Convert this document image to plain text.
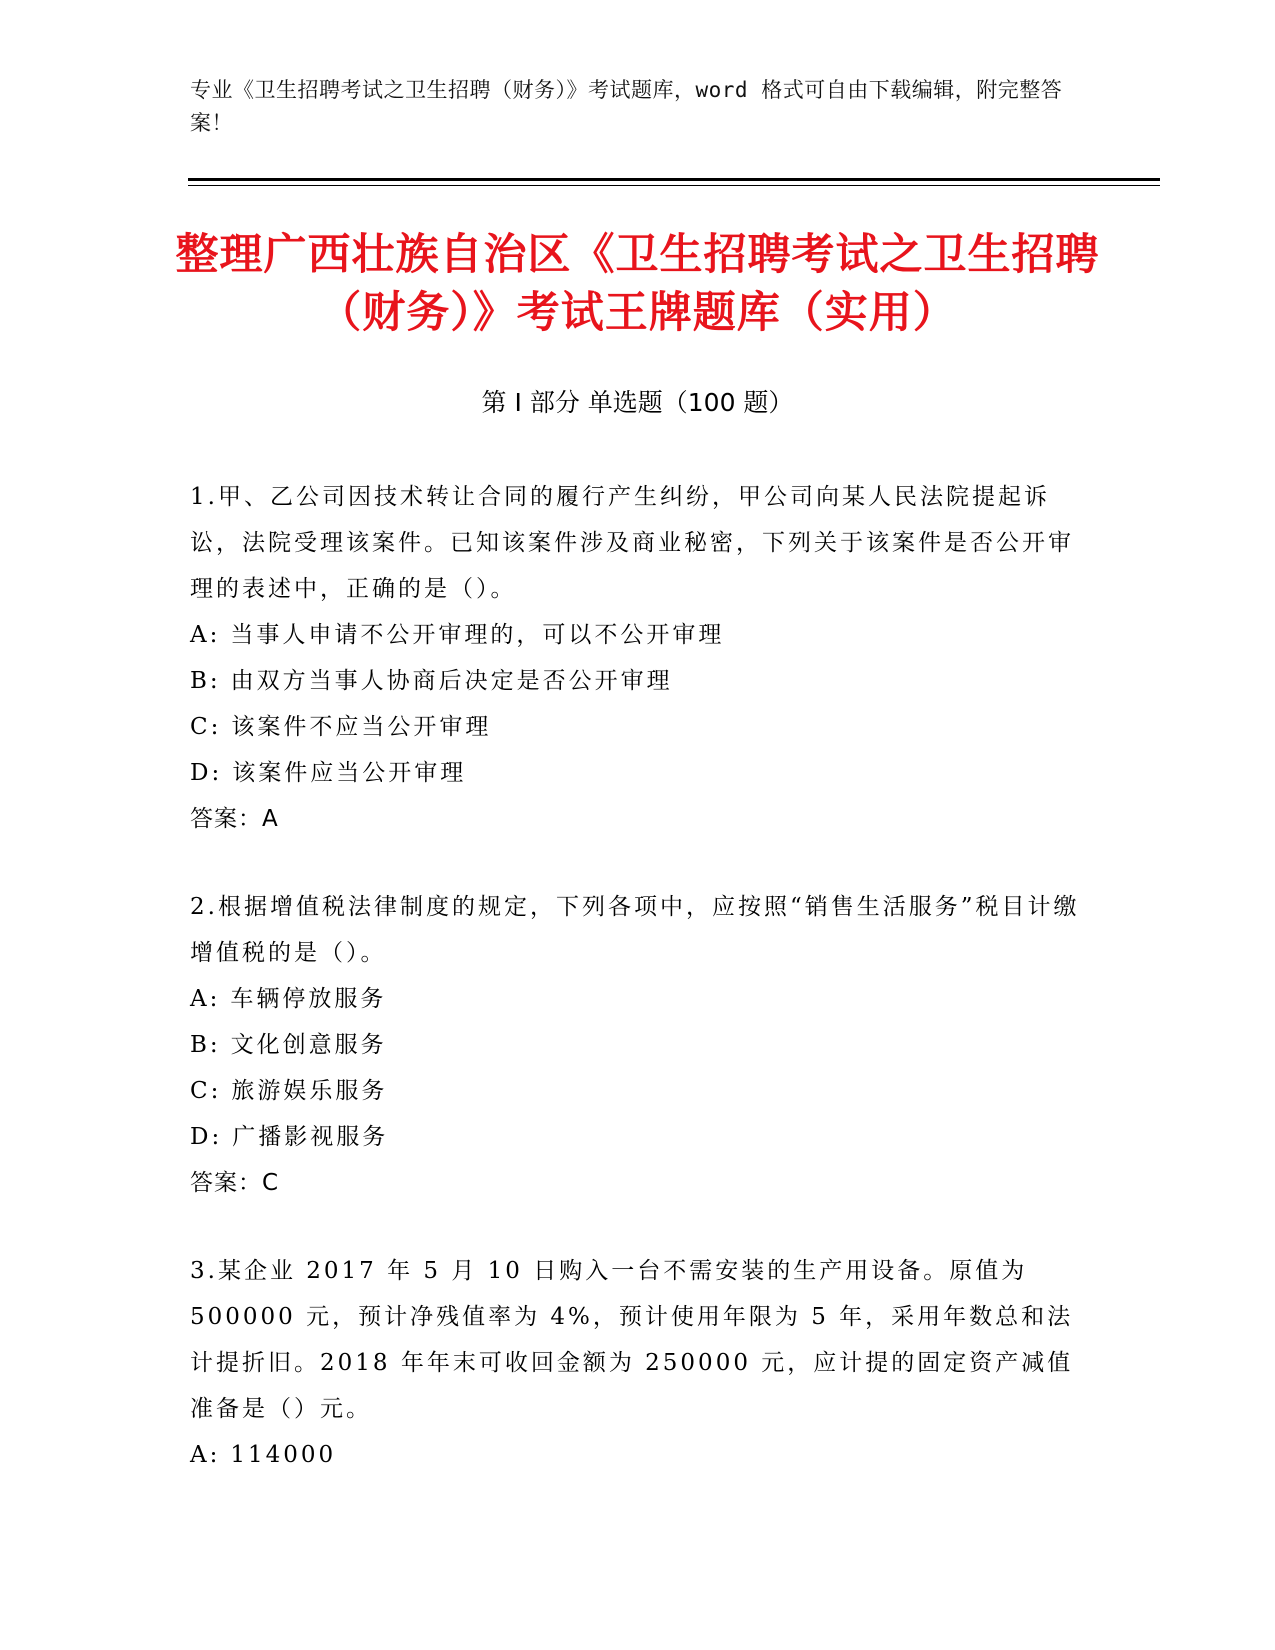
专业《卫生招聘考试之卫生招聘（财务）》考试题库，word 格式可自由下载编辑，附完整答案！
整理广西壮族自治区《卫生招聘考试之卫生招聘（财务）》考试王牌题库（实用）
第 I 部分 单选题（100 题）
1.甲、乙公司因技术转让合同的履行产生纠纷，甲公司向某人民法院提起诉讼，法院受理该案件。已知该案件涉及商业秘密，下列关于该案件是否公开审理的表述中，正确的是（）。
A: 当事人申请不公开审理的，可以不公开审理
B: 由双方当事人协商后决定是否公开审理
C: 该案件不应当公开审理
D: 该案件应当公开审理
答案：A
2.根据增值税法律制度的规定，下列各项中，应按照“销售生活服务”税目计缴增值税的是（）。
A: 车辆停放服务
B: 文化创意服务
C: 旅游娱乐服务
D: 广播影视服务
答案：C
3.某企业 2017 年 5 月 10 日购入一台不需安装的生产用设备。原值为 500000 元，预计净残值率为 4%，预计使用年限为 5 年，采用年数总和法计提折旧。2018 年年末可收回金额为 250000 元，应计提的固定资产减值准备是（）元。
A: 114000
